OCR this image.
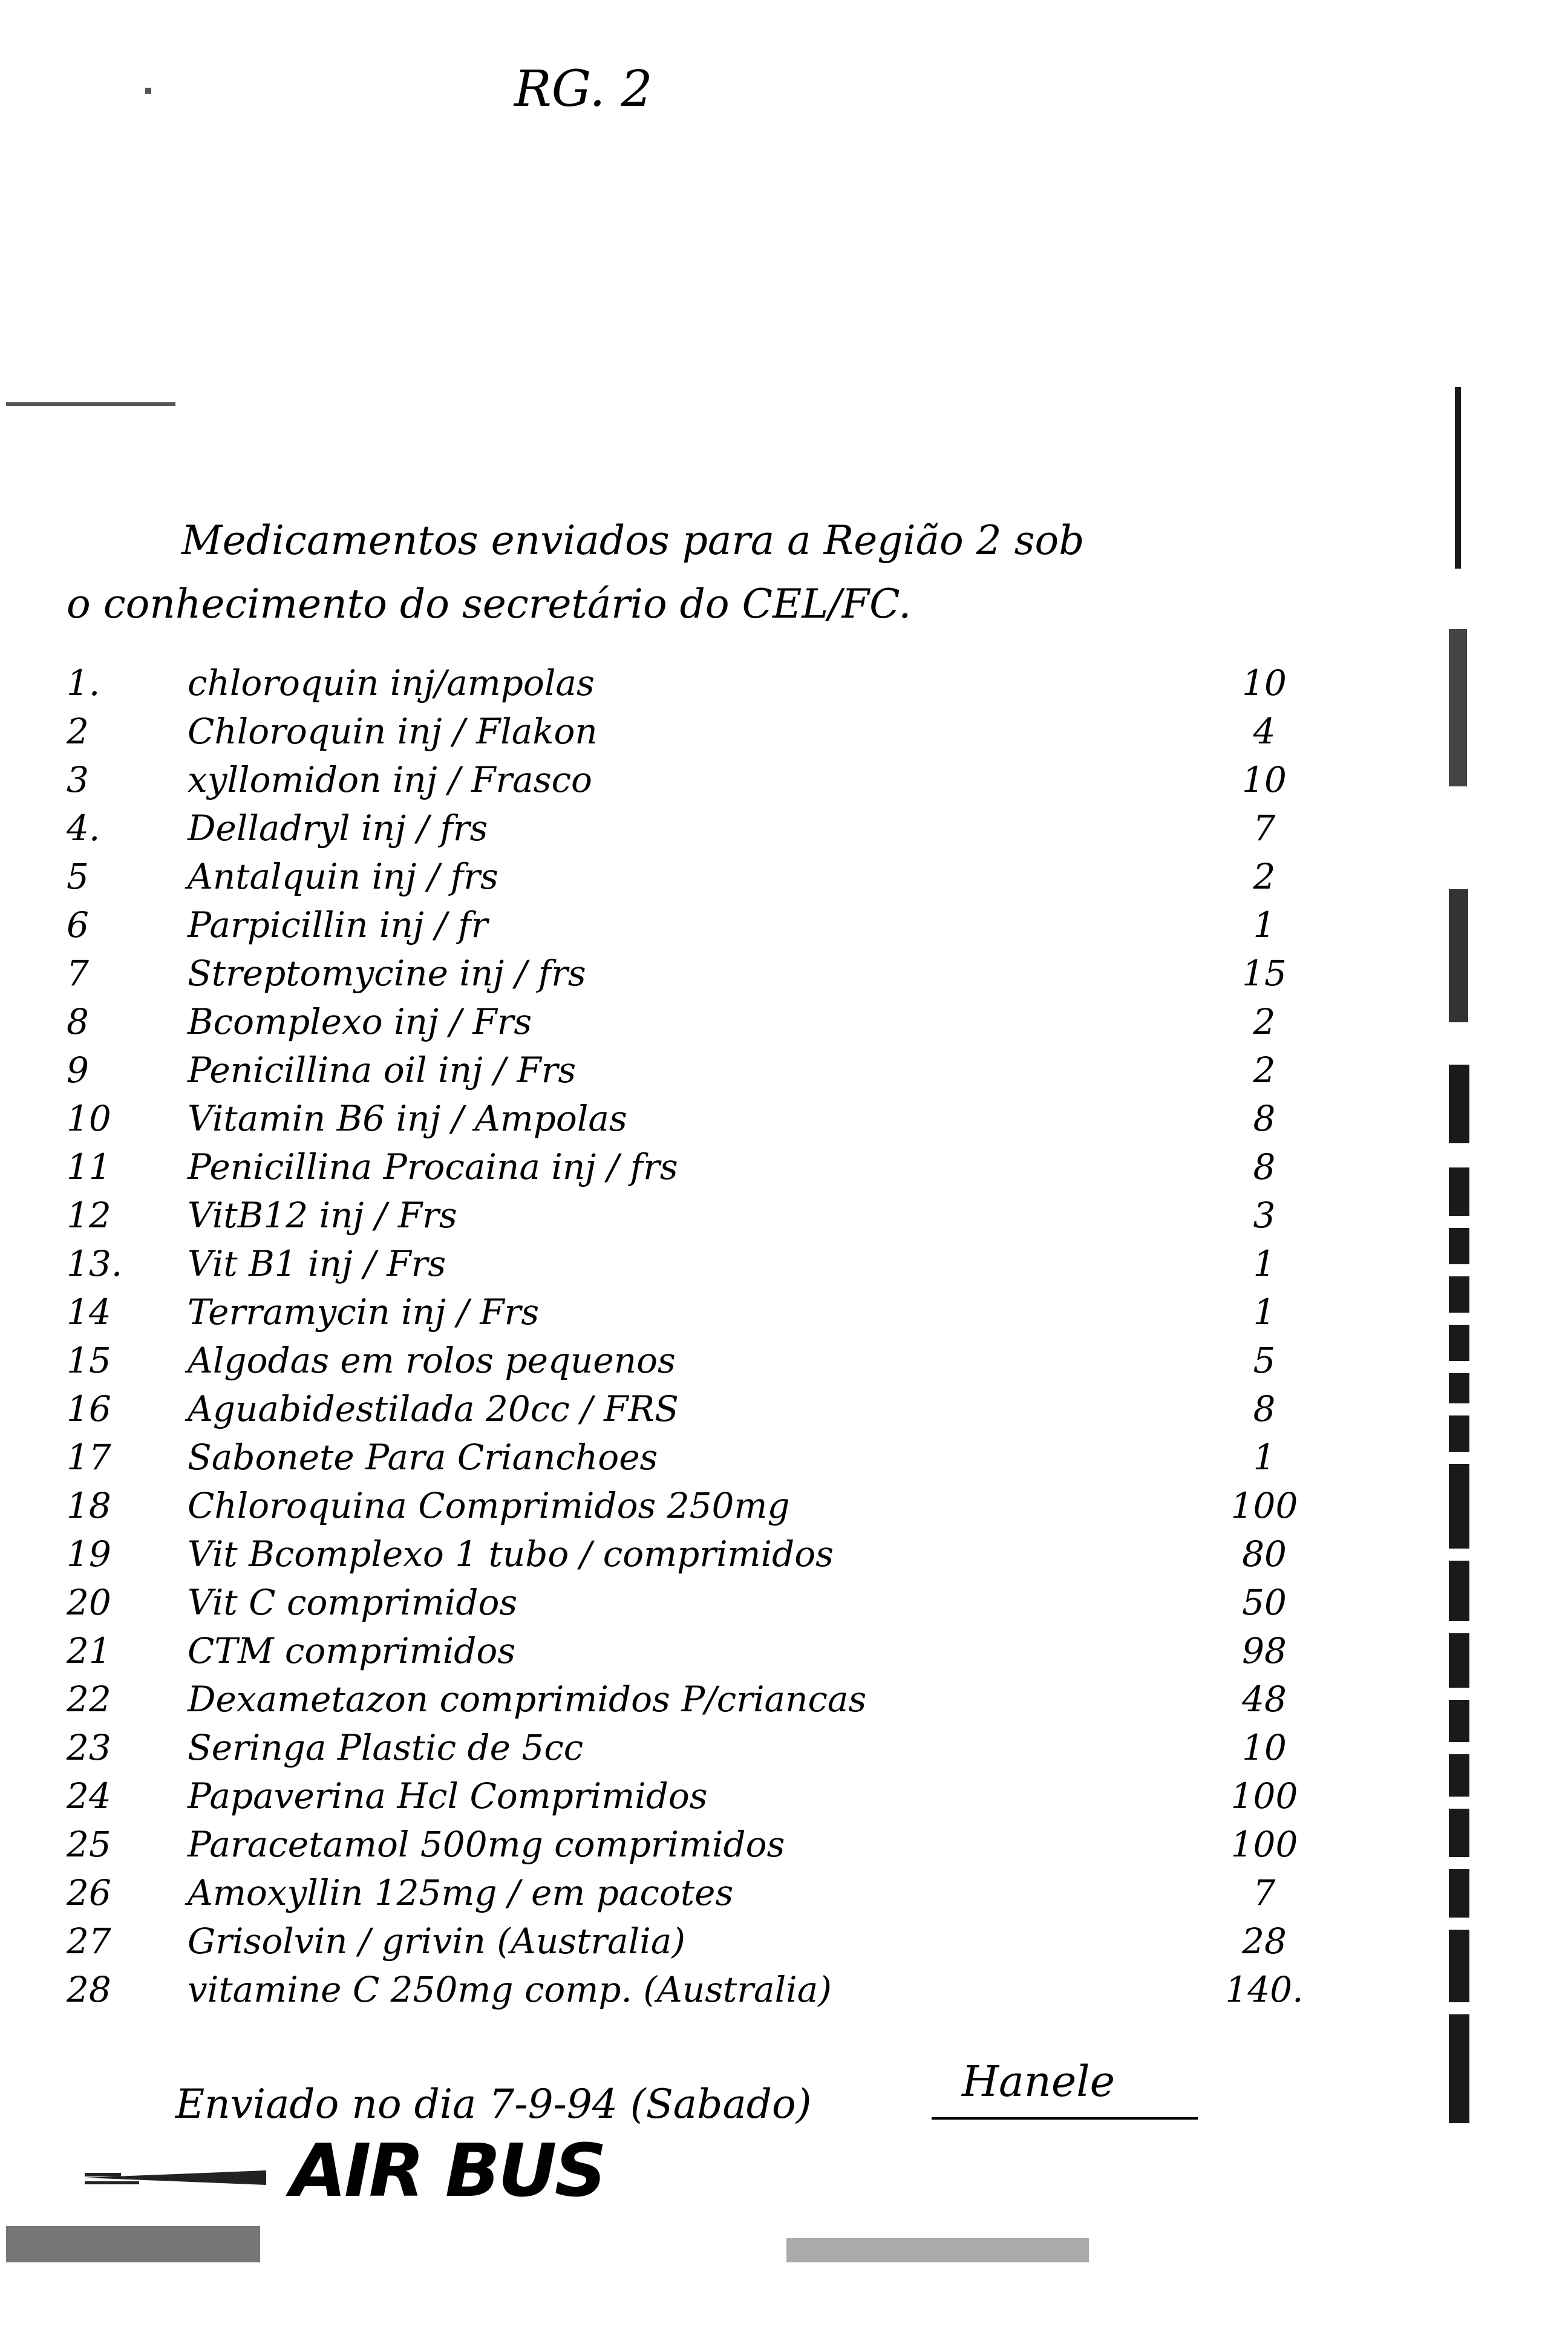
RG. 2
Medicamentos enviados para a Região 2 sob
o conhecimento do secretário do CEL/FC.
1.	chloroquin inj/ampolas	10
2	Chloroquin inj / Flakon	4
3	xyllomidon inj / Frasco	10
4.	Delladryl inj / frs	7
5	Antalquin inj / frs	2
6	Parpicillin inj / fr	1
7	Streptomycine inj / frs	15
8	Bcomplexo inj / Frs	2
9	Penicillina oil inj / Frs	2
10	Vitamin B6 inj / Ampolas	8
11	Penicillina Procaina inj / frs	8
12	VitB12 inj / Frs	3
13.	Vit B1 inj / Frs	1
14	Terramycin inj / Frs	1
15	Algodas em rolos pequenos	5
16	Aguabidestilada 20cc / FRS	8
17	Sabonete Para Crianchoes	1
18	Chloroquina Comprimidos 250mg	100
19	Vit Bcomplexo 1 tubo / comprimidos	80
20	Vit C comprimidos	50
21	CTM comprimidos	98
22	Dexametazon comprimidos P/criancas	48
23	Seringa Plastic de 5cc	10
24	Papaverina Hcl Comprimidos	100
25	Paracetamol 500mg comprimidos	100
26	Amoxyllin 125mg / em pacotes	7
27	Grisolvin / grivin (Australia)	28
28	vitamine C 250mg comp. (Australia)	140.
Enviado no dia 7-9-94 (Sabado)	Hanele
AIR BUS
